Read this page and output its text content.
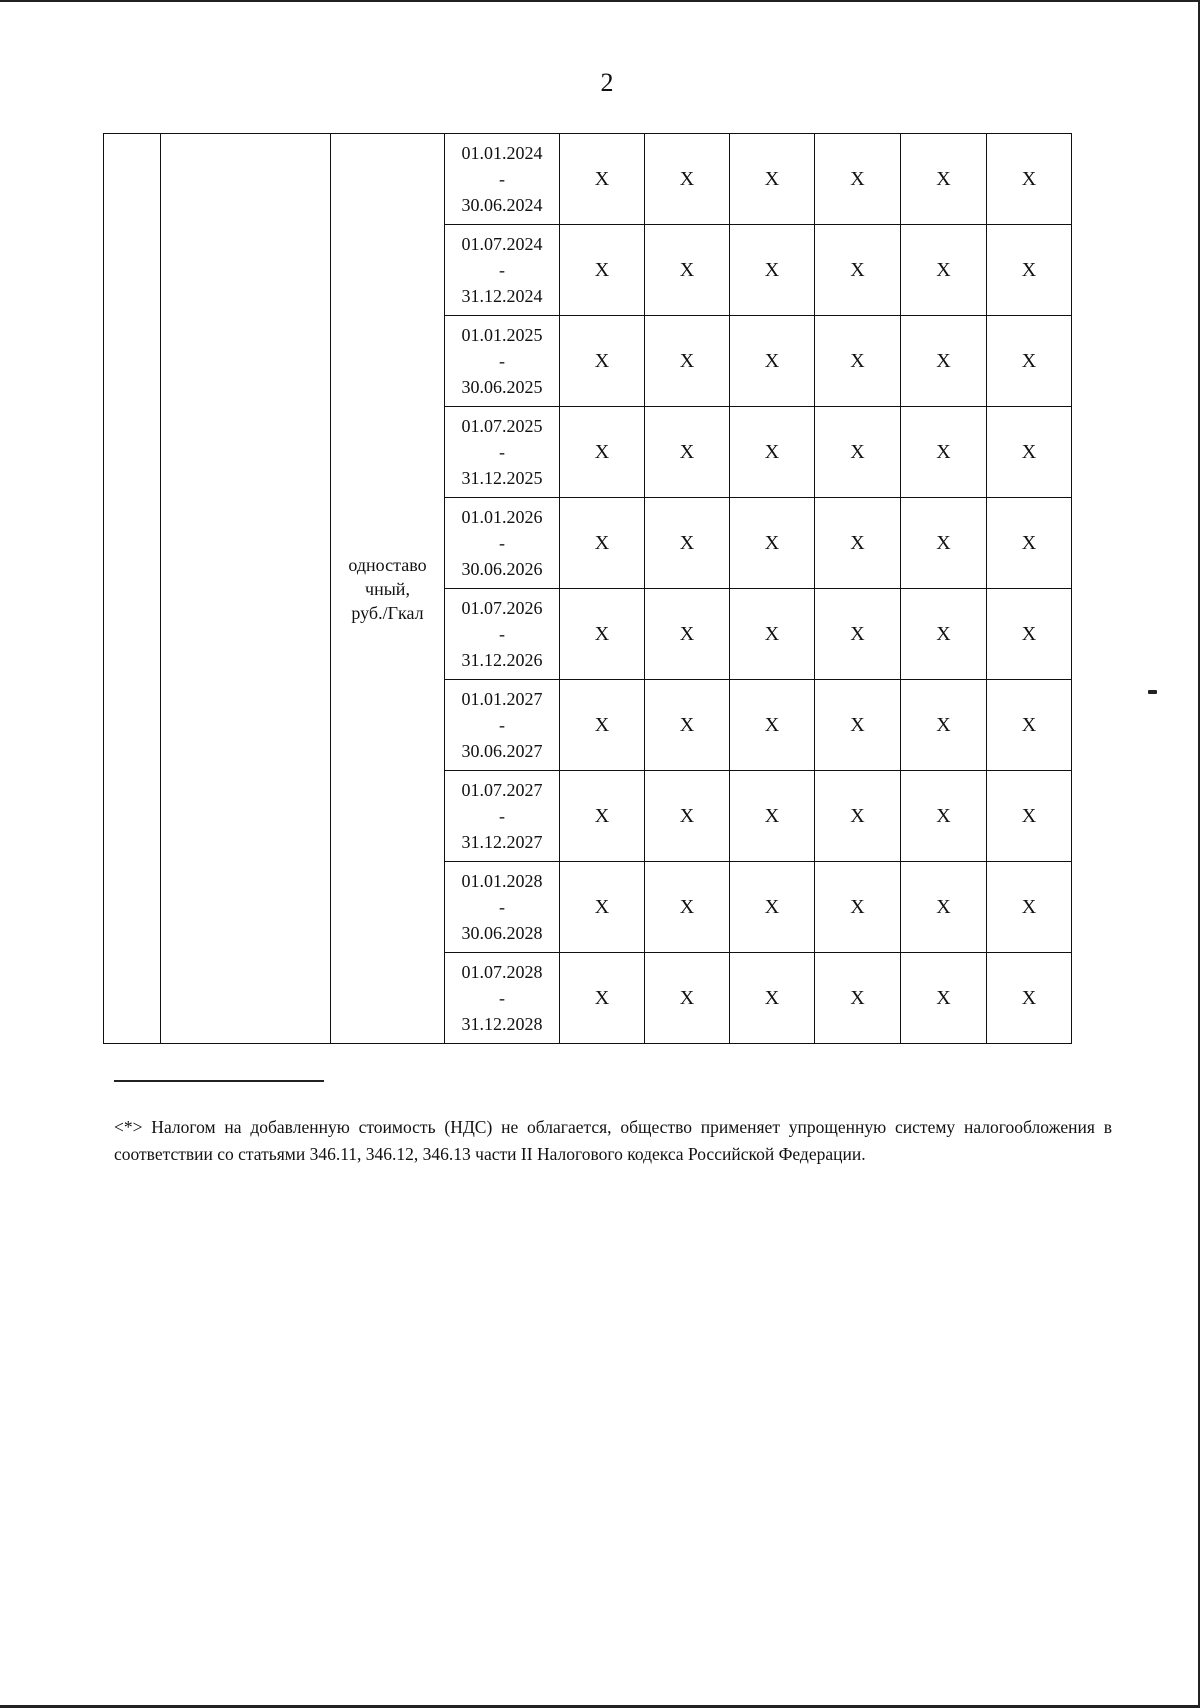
2
		одноставо
чный,
руб./Гкал	01.01.2024
-
30.06.2024	X	X	X	X	X	X

			01.07.2024
-
31.12.2024	X	X	X	X	X	X

			01.01.2025
-
30.06.2025	X	X	X	X	X	X

			01.07.2025
-
31.12.2025	X	X	X	X	X	X

			01.01.2026
-
30.06.2026	X	X	X	X	X	X

			01.07.2026
-
31.12.2026	X	X	X	X	X	X

			01.01.2027
-
30.06.2027	X	X	X	X	X	X

			01.07.2027
-
31.12.2027	X	X	X	X	X	X

			01.01.2028
-
30.06.2028	X	X	X	X	X	X

			01.07.2028
-
31.12.2028	X	X	X	X	X	X
<*> Налогом на добавленную стоимость (НДС) не облагается, общество применяет упрощенную систему налогообложения в соответствии со статьями 346.11, 346.12, 346.13 части II Налогового кодекса Российской Федерации.
